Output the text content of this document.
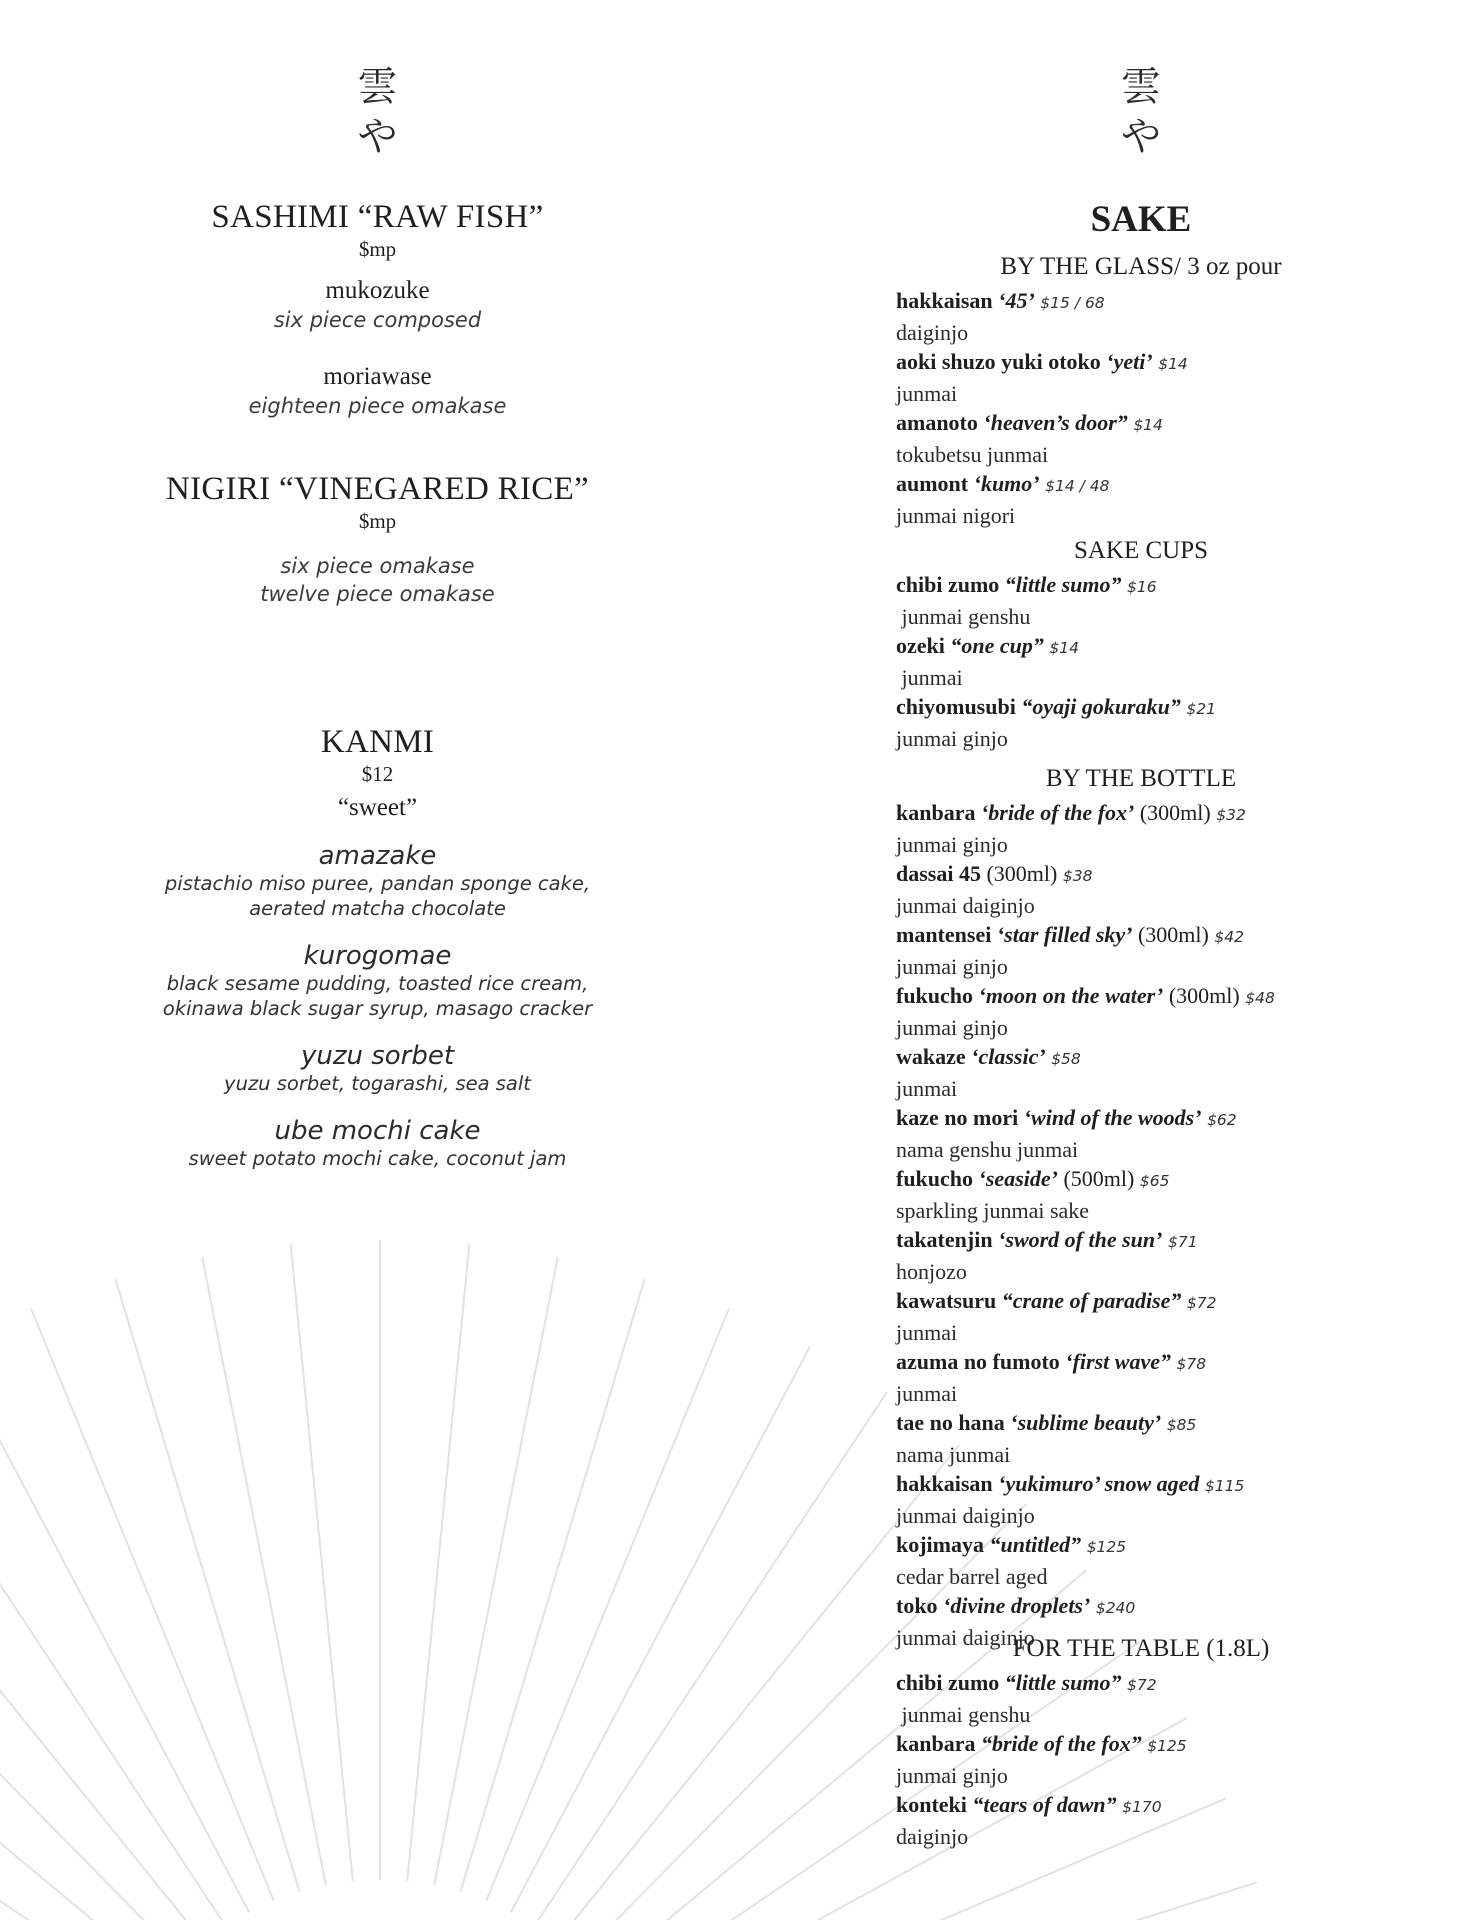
雲
や
SASHIMI “RAW FISH”
$mp
mukozuke
six piece composed
moriawase
eighteen piece omakase
NIGIRI “VINEGARED RICE”
$mp
six piece omakase
twelve piece omakase
KANMI
$12
“sweet”
amazake
pistachio miso puree, pandan sponge cake,
aerated matcha chocolate
kurogomae
black sesame pudding, toasted rice cream,
okinawa black sugar syrup, masago cracker
yuzu sorbet
yuzu sorbet, togarashi, sea salt
ube mochi cake
sweet potato mochi cake, coconut jam
雲
や
SAKE
BY THE GLASS/ 3 oz pour
hakkaisan ‘45’ $15 / 68
daiginjo
aoki shuzo yuki otoko ‘yeti’ $14
junmai
amanoto ‘heaven’s door” $14
tokubetsu junmai
aumont ‘kumo’ $14 / 48
junmai nigori
SAKE CUPS
chibi zumo “little sumo” $16
junmai genshu
ozeki “one cup” $14
junmai
chiyomusubi “oyaji gokuraku” $21
junmai ginjo
BY THE BOTTLE
kanbara ‘bride of the fox’ (300ml) $32
junmai ginjo
dassai 45 (300ml) $38
junmai daiginjo
mantensei ‘star filled sky’ (300ml) $42
junmai ginjo
fukucho ‘moon on the water’ (300ml) $48
junmai ginjo
wakaze ‘classic’ $58
junmai
kaze no mori ‘wind of the woods’ $62
nama genshu junmai
fukucho ‘seaside’ (500ml) $65
sparkling junmai sake
takatenjin ‘sword of the sun’ $71
honjozo
kawatsuru “crane of paradise” $72
junmai
azuma no fumoto ‘first wave” $78
junmai
tae no hana ‘sublime beauty’ $85
nama junmai
hakkaisan ‘yukimuro’ snow aged $115
junmai daiginjo
kojimaya “untitled” $125
cedar barrel aged
toko ‘divine droplets’ $240
junmai daiginjo
FOR THE TABLE (1.8L)
chibi zumo “little sumo” $72
junmai genshu
kanbara “bride of the fox” $125
junmai ginjo
konteki “tears of dawn” $170
daiginjo
